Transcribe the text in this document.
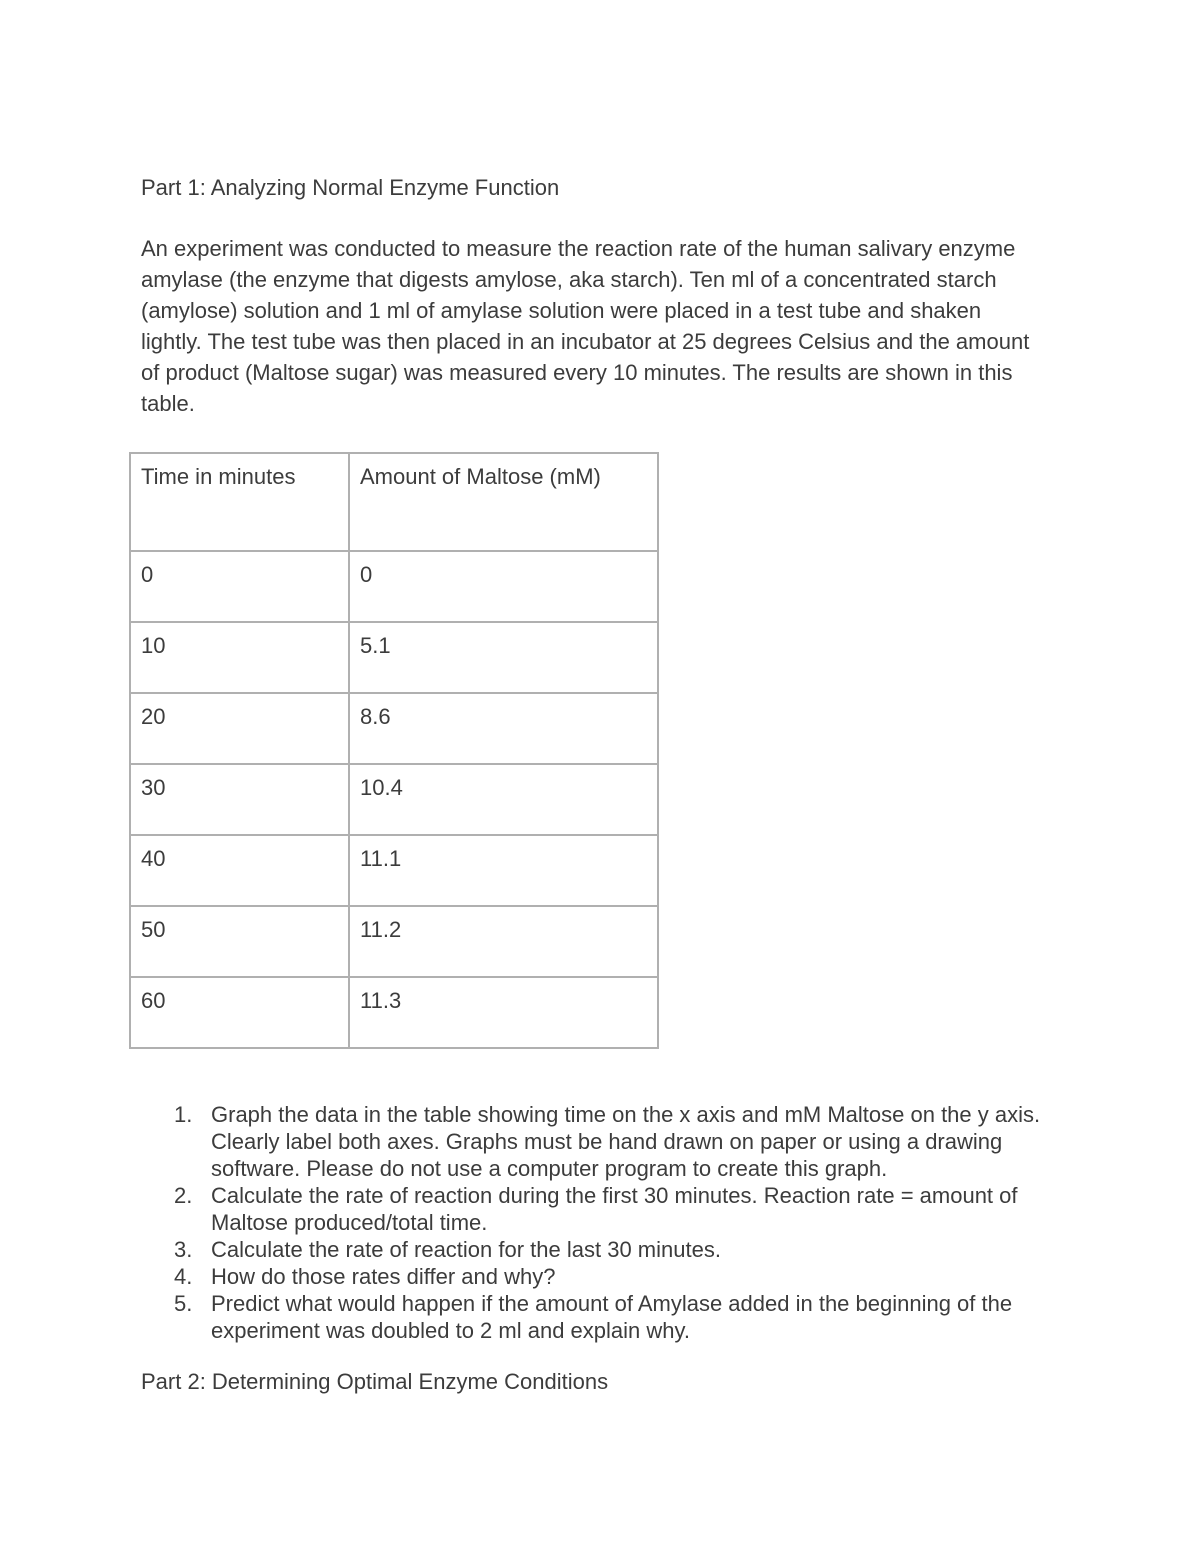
Part 1: Analyzing Normal Enzyme Function

An experiment was conducted to measure the reaction rate of the human salivary enzyme amylase (the enzyme that digests amylose, aka starch). Ten ml of a concentrated starch (amylose) solution and 1 ml of amylase solution were placed in a test tube and shaken lightly. The test tube was then placed in an incubator at 25 degrees Celsius and the amount of product (Maltose sugar) was measured every 10 minutes. The results are shown in this table.

Time in minutes	Amount of Maltose (mM)
0	0
10	5.1
20	8.6
30	10.4
40	11.1
50	11.2
60	11.3
1. Graph the data in the table showing time on the x axis and mM Maltose on the y axis. Clearly label both axes. Graphs must be hand drawn on paper or using a drawing software. Please do not use a computer program to create this graph.
2. Calculate the rate of reaction during the first 30 minutes. Reaction rate = amount of Maltose produced/total time.
3. Calculate the rate of reaction for the last 30 minutes.
4. How do those rates differ and why?
5. Predict what would happen if the amount of Amylase added in the beginning of the experiment was doubled to 2 ml and explain why.
Part 2: Determining Optimal Enzyme Conditions
